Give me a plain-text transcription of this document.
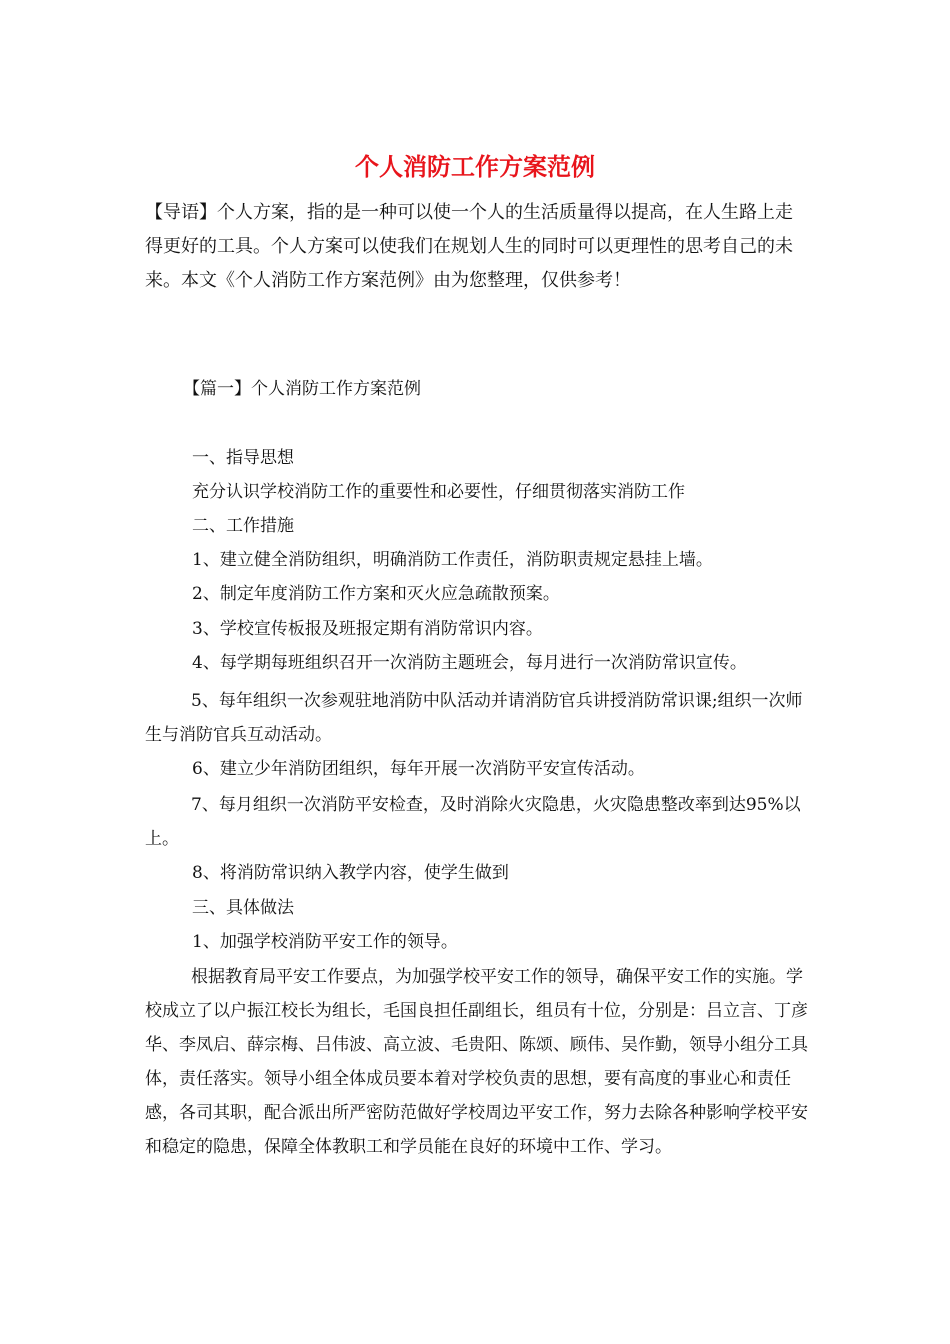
个人消防工作方案范例

【导语】个人方案，指的是一种可以使一个人的生活质量得以提高，在人生路上走得更好的工具。个人方案可以使我们在规划人生的同时可以更理性的思考自己的未来。本文《个人消防工作方案范例》由为您整理，仅供参考！

【篇一】个人消防工作方案范例
一、指导思想
充分认识学校消防工作的重要性和必要性，仔细贯彻落实消防工作
二、工作措施
1、建立健全消防组织，明确消防工作责任，消防职责规定悬挂上墙。
2、制定年度消防工作方案和灭火应急疏散预案。
3、学校宣传板报及班报定期有消防常识内容。
4、每学期每班组织召开一次消防主题班会，每月进行一次消防常识宣传。

5、每年组织一次参观驻地消防中队活动并请消防官兵讲授消防常识课;组织一次师生与消防官兵互动活动。

6、建立少年消防团组织，每年开展一次消防平安宣传活动。

7、每月组织一次消防平安检查，及时消除火灾隐患，火灾隐患整改率到达95%以上。

8、将消防常识纳入教学内容，使学生做到
三、具体做法
1、加强学校消防平安工作的领导。

根据教育局平安工作要点，为加强学校平安工作的领导，确保平安工作的实施。学校成立了以户振江校长为组长，毛国良担任副组长，组员有十位，分别是：吕立言、丁彦华、李凤启、薛宗梅、吕伟波、高立波、毛贵阳、陈颂、顾伟、吴作勤，领导小组分工具体，责任落实。领导小组全体成员要本着对学校负责的思想，要有高度的事业心和责任感，各司其职，配合派出所严密防范做好学校周边平安工作，努力去除各种影响学校平安和稳定的隐患，保障全体教职工和学员能在良好的环境中工作、学习。
